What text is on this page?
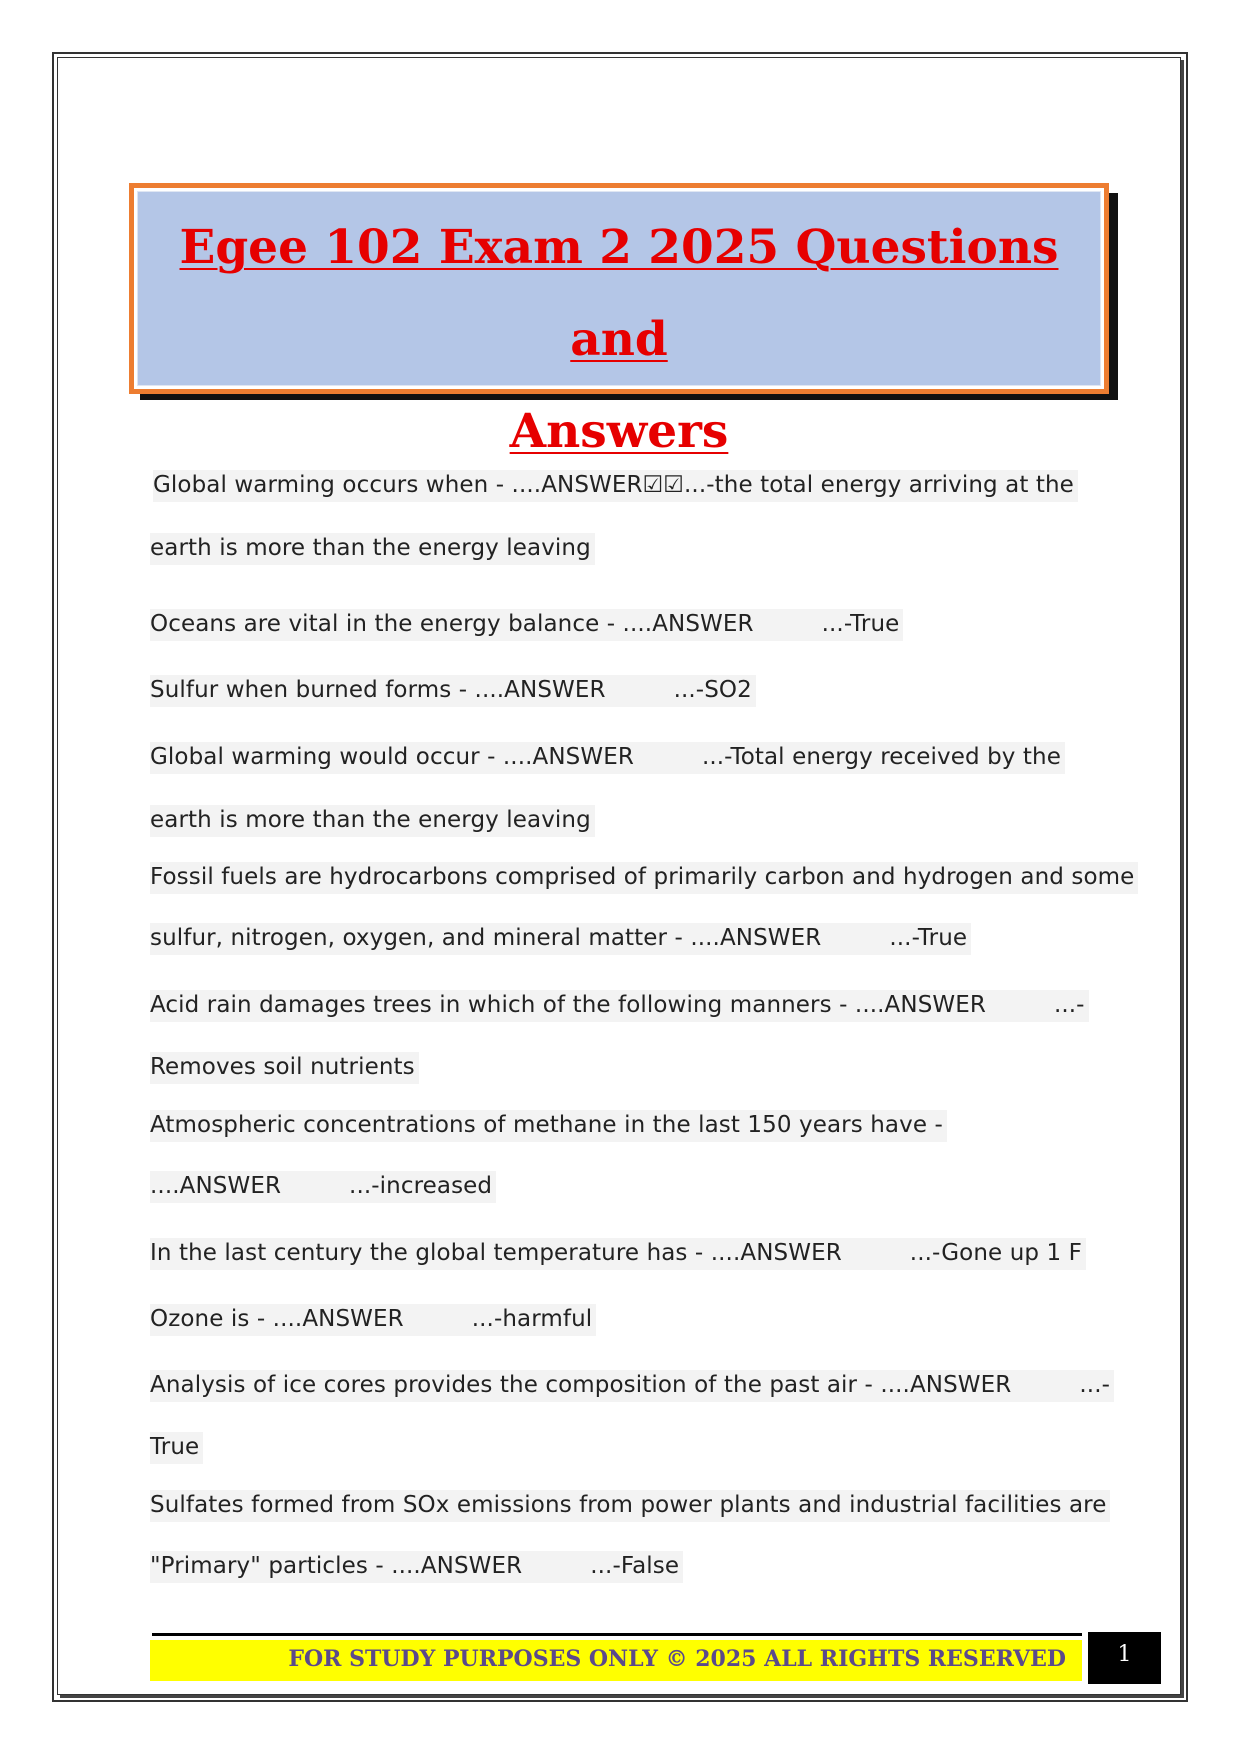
Egee 102 Exam 2 2025 Questions and
Answers
Global warming occurs when - ....ANSWER☑☑...-the total energy arriving at the
earth is more than the energy leaving
Oceans are vital in the energy balance - ....ANSWER	...-True
Sulfur when burned forms - ....ANSWER	...-SO2
Global warming would occur - ....ANSWER	...-Total energy received by the
earth is more than the energy leaving
Fossil fuels are hydrocarbons comprised of primarily carbon and hydrogen and some
sulfur, nitrogen, oxygen, and mineral matter - ....ANSWER	...-True
Acid rain damages trees in which of the following manners - ....ANSWER	...-
Removes soil nutrients
Atmospheric concentrations of methane in the last 150 years have -
....ANSWER	...-increased
In the last century the global temperature has - ....ANSWER	...-Gone up 1 F
Ozone is - ....ANSWER	...-harmful
Analysis of ice cores provides the composition of the past air - ....ANSWER	...-
True
Sulfates formed from SOx emissions from power plants and industrial facilities are
"Primary" particles - ....ANSWER	...-False
FOR STUDY PURPOSES ONLY © 2025 ALL RIGHTS RESERVED	1
